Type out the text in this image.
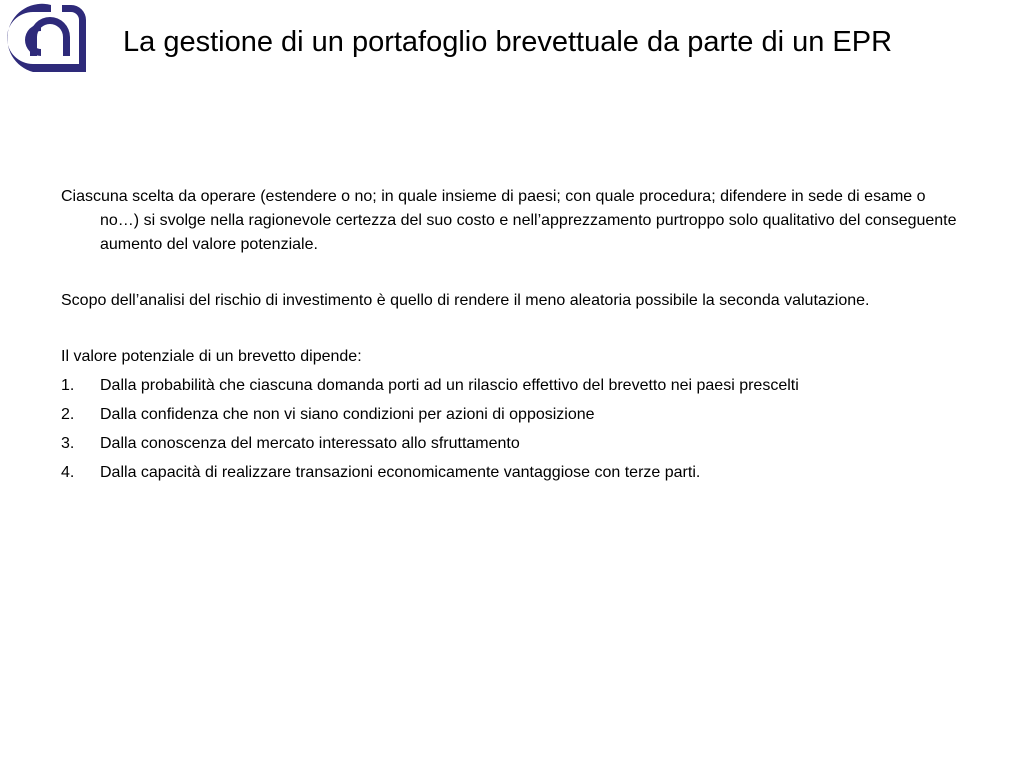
La gestione di un portafoglio brevettuale da parte di un EPR

Ciascuna scelta da operare (estendere o no; in quale insieme di paesi; con quale procedura; difendere in sede di esame o no…) si svolge nella ragionevole certezza del suo costo e nell’apprezzamento purtroppo solo qualitativo del conseguente aumento del valore potenziale.

Scopo dell’analisi del rischio di investimento è quello di rendere il meno aleatoria possibile la seconda valutazione.

Il valore potenziale di un brevetto dipende:

1.	Dalla probabilità che ciascuna domanda porti ad un rilascio effettivo del brevetto nei paesi prescelti
2.	Dalla confidenza che non vi siano condizioni per azioni di opposizione
3.	Dalla conoscenza del mercato interessato allo sfruttamento
4.	Dalla capacità di realizzare transazioni economicamente vantaggiose con terze parti.
